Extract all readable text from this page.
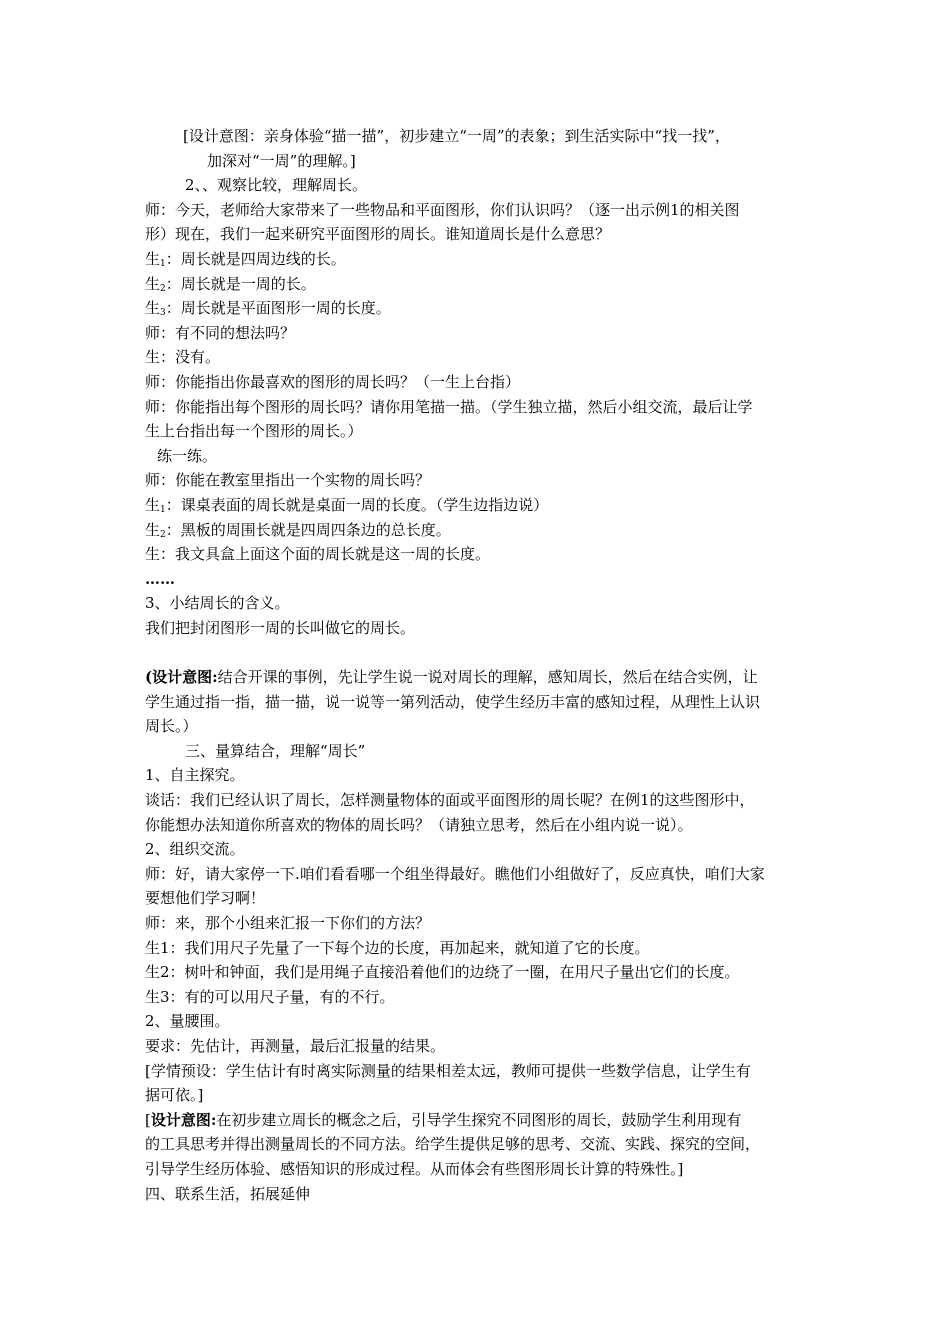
[设计意图：亲身体验“描一描”，初步建立“一周”的表象；到生活实际中“找一找”，
加深对“一周”的理解。]
2、、观察比较，理解周长。
师：今天，老师给大家带来了一些物品和平面图形，你们认识吗？（逐一出示例1的相关图
形）现在，我们一起来研究平面图形的周长。谁知道周长是什么意思？
生$_1$：周长就是四周边线的长。
生$_2$：周长就是一周的长。
生$_3$：周长就是平面图形一周的长度。
师：有不同的想法吗？
生：没有。
师：你能指出你最喜欢的图形的周长吗？（一生上台指）
师：你能指出每个图形的周长吗？请你用笔描一描。（学生独立描，然后小组交流，最后让学
生上台指出每一个图形的周长。）
练一练。
师：你能在教室里指出一个实物的周长吗？
生$_1$：课桌表面的周长就是桌面一周的长度。（学生边指边说）
生$_2$：黑板的周围长就是四周四条边的总长度。
生：我文具盒上面这个面的周长就是这一周的长度。
……
3、小结周长的含义。
我们把封闭图形一周的长叫做它的周长。
(设计意图:结合开课的事例，先让学生说一说对周长的理解，感知周长，然后在结合实例，让
学生通过指一指，描一描，说一说等一第列活动，使学生经历丰富的感知过程，从理性上认识
周长。）
三、量算结合，理解“周长”
1、自主探究。
谈话：我们已经认识了周长，怎样测量物体的面或平面图形的周长呢？在例1的这些图形中，
你能想办法知道你所喜欢的物体的周长吗？（请独立思考，然后在小组内说一说）。
2、组织交流。
师：好，请大家停一下.咱们看看哪一个组坐得最好。瞧他们小组做好了，反应真快，咱们大家
要想他们学习啊！
师：来，那个小组来汇报一下你们的方法？
生1：我们用尺子先量了一下每个边的长度，再加起来，就知道了它的长度。
生2：树叶和钟面，我们是用绳子直接沿着他们的边绕了一圈，在用尺子量出它们的长度。
生3：有的可以用尺子量，有的不行。
2、量腰围。
要求：先估计，再测量，最后汇报量的结果。
[学情预设：学生估计有时离实际测量的结果相差太远，教师可提供一些数学信息，让学生有
据可依。]
[设计意图:在初步建立周长的概念之后，引导学生探究不同图形的周长，鼓励学生利用现有
的工具思考并得出测量周长的不同方法。给学生提供足够的思考、交流、实践、探究的空间，
引导学生经历体验、感悟知识的形成过程。从而体会有些图形周长计算的特殊性。]
四、联系生活，拓展延伸
